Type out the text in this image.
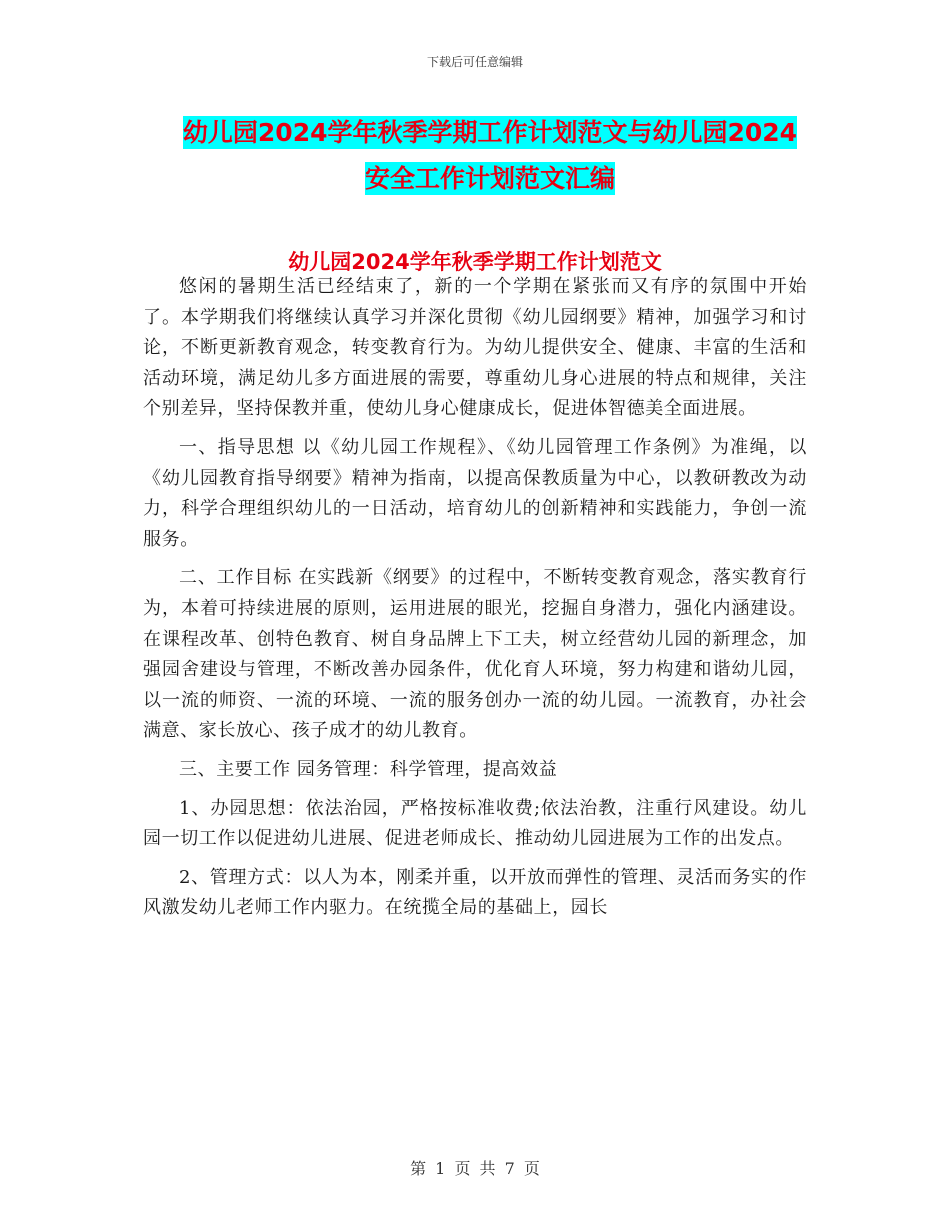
下载后可任意编辑
幼儿园2024学年秋季学期工作计划范文与幼儿园2024
安全工作计划范文汇编
幼儿园2024学年秋季学期工作计划范文

悠闲的暑期生活已经结束了，新的一个学期在紧张而又有序的氛围中开始了。本学期我们将继续认真学习并深化贯彻《幼儿园纲要》精神，加强学习和讨论，不断更新教育观念，转变教育行为。为幼儿提供安全、健康、丰富的生活和活动环境，满足幼儿多方面进展的需要，尊重幼儿身心进展的特点和规律，关注个别差异，坚持保教并重，使幼儿身心健康成长，促进体智德美全面进展。

一、指导思想 以《幼儿园工作规程》、《幼儿园管理工作条例》为准绳，以《幼儿园教育指导纲要》精神为指南，以提高保教质量为中心，以教研教改为动力，科学合理组织幼儿的一日活动，培育幼儿的创新精神和实践能力，争创一流服务。

二、工作目标 在实践新《纲要》的过程中，不断转变教育观念，落实教育行为，本着可持续进展的原则，运用进展的眼光，挖掘自身潜力，强化内涵建设。在课程改革、创特色教育、树自身品牌上下工夫，树立经营幼儿园的新理念，加强园舍建设与管理，不断改善办园条件，优化育人环境，努力构建和谐幼儿园，以一流的师资、一流的环境、一流的服务创办一流的幼儿园。一流教育，办社会满意、家长放心、孩子成才的幼儿教育。

三、主要工作 园务管理：科学管理，提高效益

1、办园思想：依法治园，严格按标准收费;依法治教，注重行风建设。幼儿园一切工作以促进幼儿进展、促进老师成长、推动幼儿园进展为工作的出发点。

2、管理方式：以人为本，刚柔并重，以开放而弹性的管理、灵活而务实的作风激发幼儿老师工作内驱力。在统揽全局的基础上，园长

第 1 页 共 7 页
